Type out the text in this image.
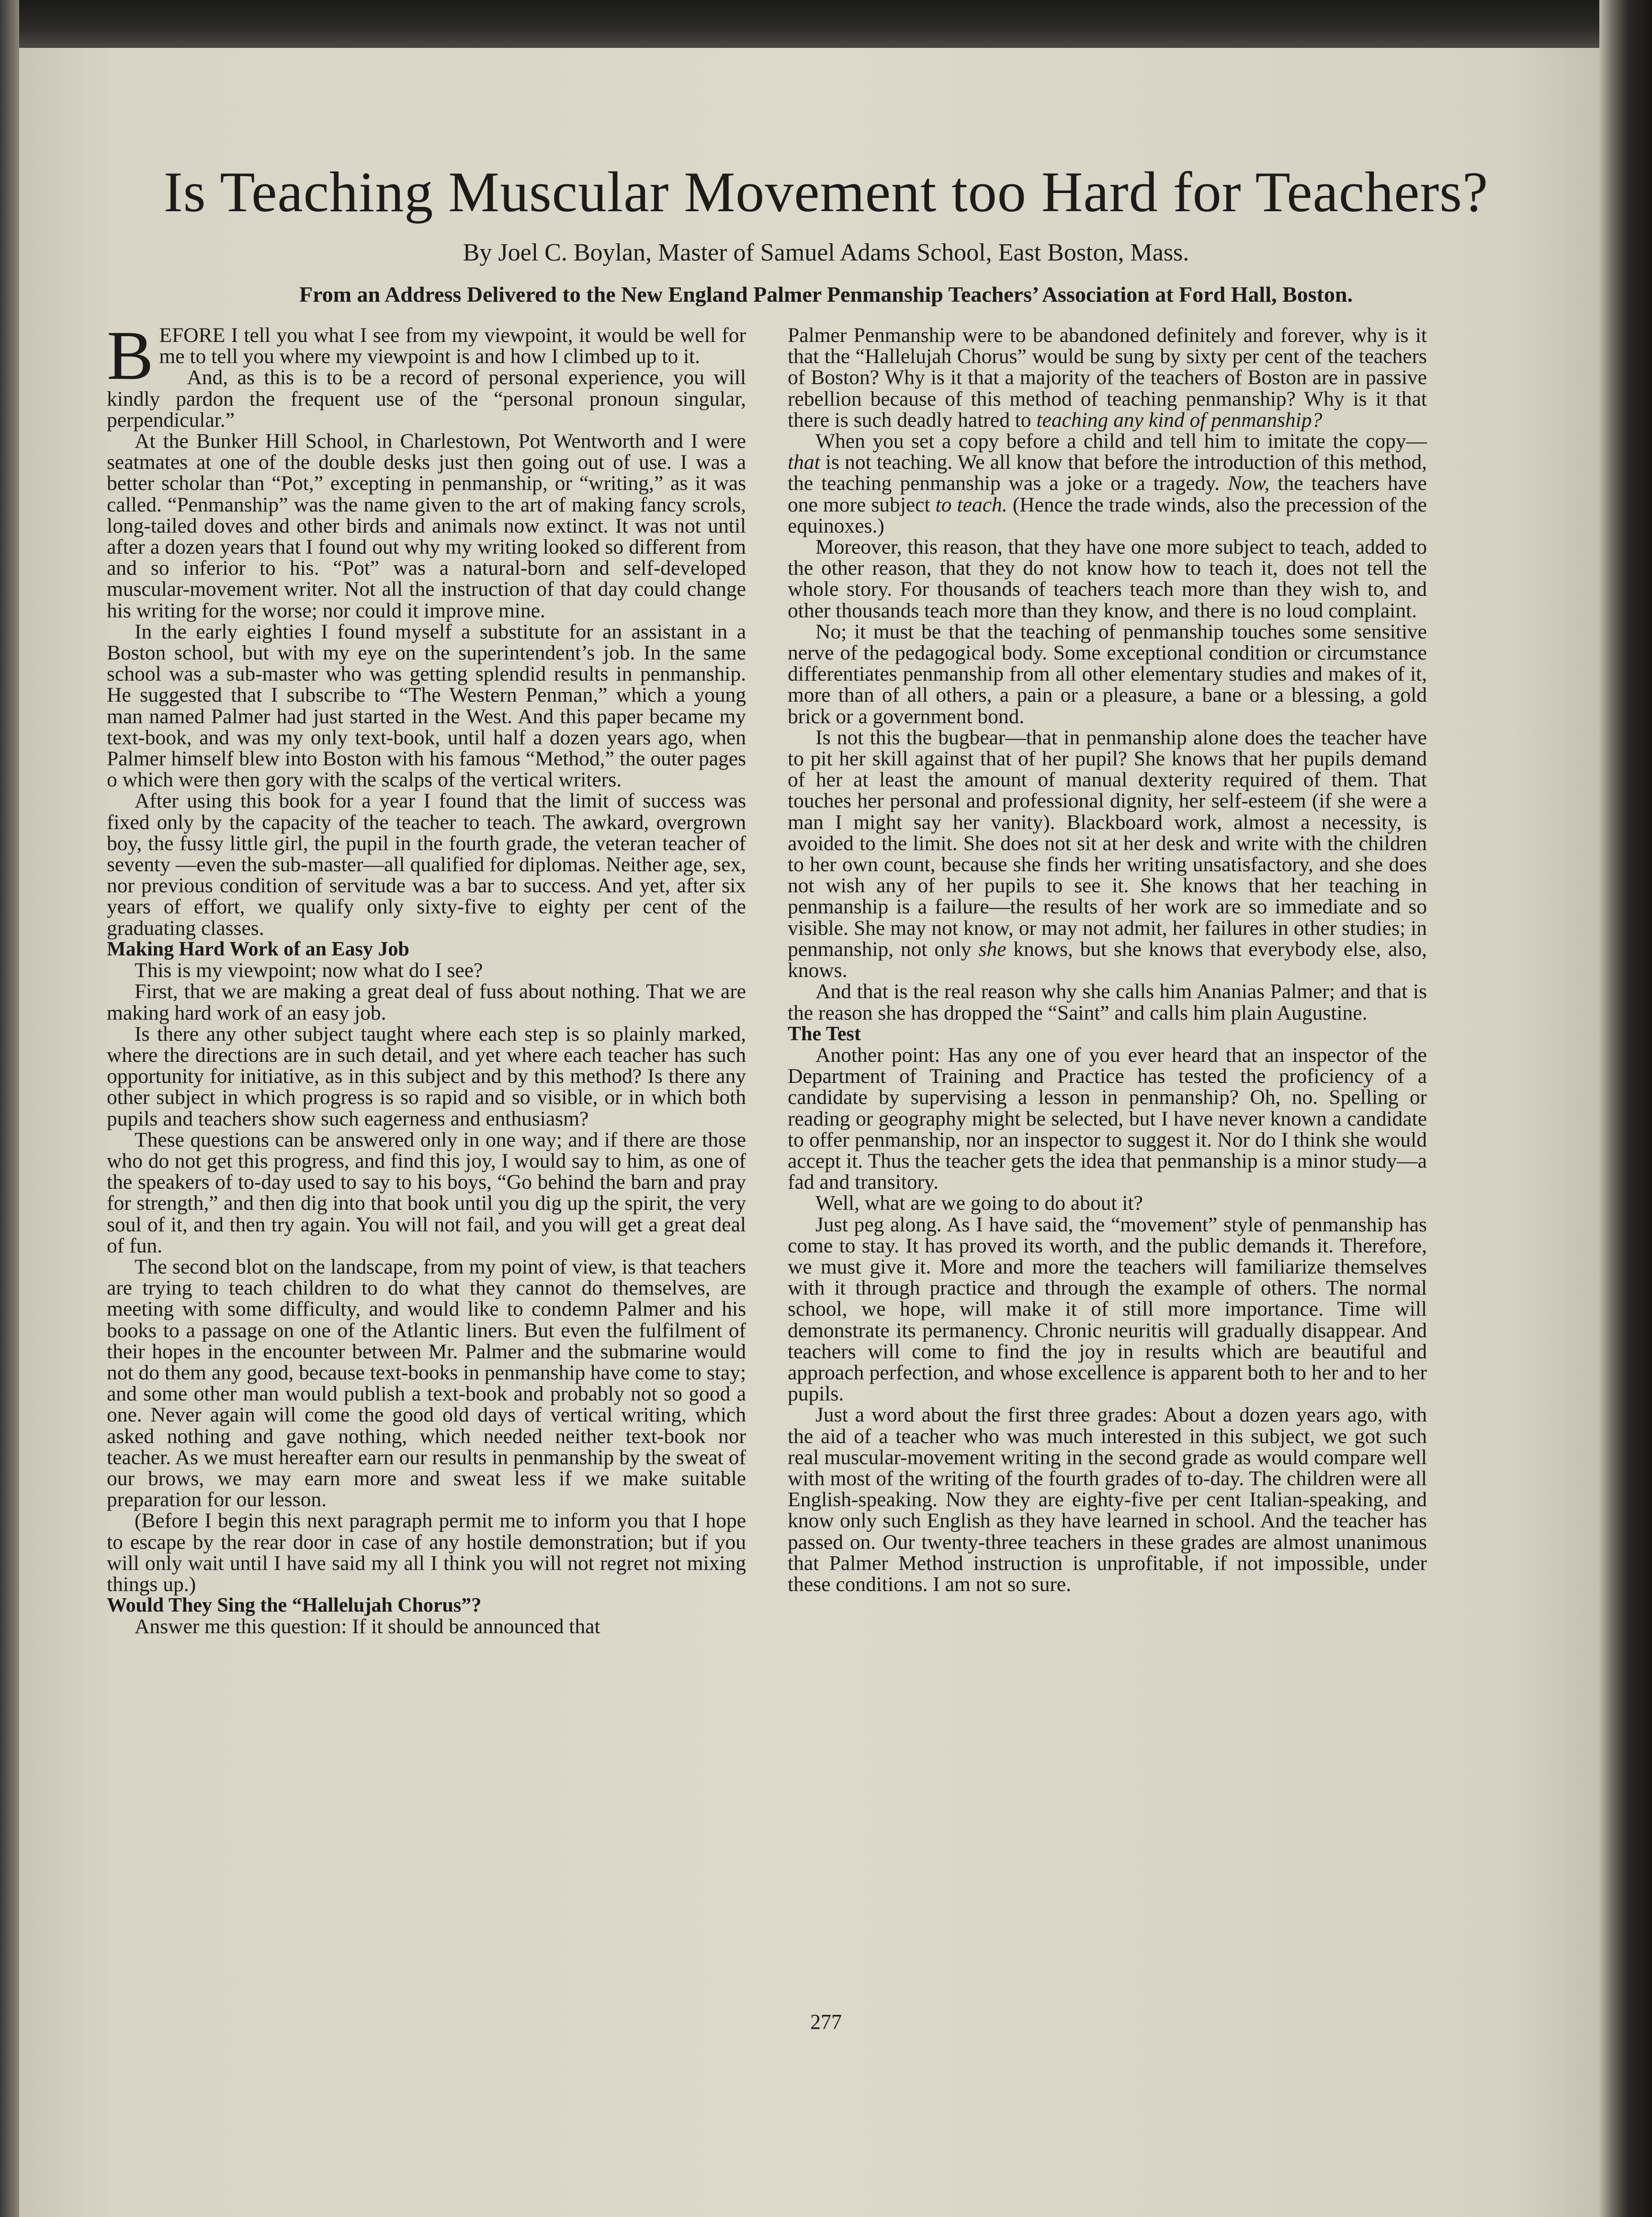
Is Teaching Muscular Movement too Hard for Teachers?
By Joel C. Boylan, Master of Samuel Adams School, East Boston, Mass.
From an Address Delivered to the New England Palmer Penmanship Teachers’ Association at Ford Hall, Boston.

BEFORE I tell you what I see from my viewpoint, it would be well for me to tell you where my viewpoint is and how I climbed up to it.

And, as this is to be a record of personal experience, you will kindly pardon the frequent use of the “personal pronoun singular, perpendicular.”

At the Bunker Hill School, in Charlestown, Pot Wentworth and I were seatmates at one of the double desks just then going out of use. I was a better scholar than “Pot,” excepting in penmanship, or “writing,” as it was called. “Penmanship” was the name given to the art of making fancy scrols, long-tailed doves and other birds and animals now extinct. It was not until after a dozen years that I found out why my writing looked so different from and so inferior to his. “Pot” was a natural-born and self-developed muscular-movement writer. Not all the instruction of that day could change his writing for the worse; nor could it improve mine.

In the early eighties I found myself a substitute for an assistant in a Boston school, but with my eye on the superintendent’s job. In the same school was a sub-master who was getting splendid results in penmanship. He suggested that I subscribe to “The Western Penman,” which a young man named Palmer had just started in the West. And this paper became my text-book, and was my only text-book, until half a dozen years ago, when Palmer himself blew into Boston with his famous “Method,” the outer pages o which were then gory with the scalps of the vertical writers.

After using this book for a year I found that the limit of success was fixed only by the capacity of the teacher to teach. The awkard, overgrown boy, the fussy little girl, the pupil in the fourth grade, the veteran teacher of seventy —even the sub-master—all qualified for diplomas. Neither age, sex, nor previous condition of servitude was a bar to success. And yet, after six years of effort, we qualify only sixty-five to eighty per cent of the graduating classes.

Making Hard Work of an Easy Job

This is my viewpoint; now what do I see?

First, that we are making a great deal of fuss about nothing. That we are making hard work of an easy job.

Is there any other subject taught where each step is so plainly marked, where the directions are in such detail, and yet where each teacher has such opportunity for initiative, as in this subject and by this method? Is there any other subject in which progress is so rapid and so visible, or in which both pupils and teachers show such eagerness and enthusiasm?

These questions can be answered only in one way; and if there are those who do not get this progress, and find this joy, I would say to him, as one of the speakers of to-day used to say to his boys, “Go behind the barn and pray for strength,” and then dig into that book until you dig up the spirit, the very soul of it, and then try again. You will not fail, and you will get a great deal of fun.

The second blot on the landscape, from my point of view, is that teachers are trying to teach children to do what they cannot do themselves, are meeting with some difficulty, and would like to condemn Palmer and his books to a passage on one of the Atlantic liners. But even the fulfilment of their hopes in the encounter between Mr. Palmer and the submarine would not do them any good, because text-books in penmanship have come to stay; and some other man would publish a text-book and probably not so good a one. Never again will come the good old days of vertical writing, which asked nothing and gave nothing, which needed neither text-book nor teacher. As we must hereafter earn our results in penmanship by the sweat of our brows, we may earn more and sweat less if we make suitable preparation for our lesson.

(Before I begin this next paragraph permit me to inform you that I hope to escape by the rear door in case of any hostile demonstration; but if you will only wait until I have said my all I think you will not regret not mixing things up.)

Would They Sing the “Hallelujah Chorus”?

Answer me this question: If it should be announced that

Palmer Penmanship were to be abandoned definitely and forever, why is it that the “Hallelujah Chorus” would be sung by sixty per cent of the teachers of Boston? Why is it that a majority of the teachers of Boston are in passive rebellion because of this method of teaching penmanship? Why is it that there is such deadly hatred to teaching any kind of penmanship?

When you set a copy before a child and tell him to imitate the copy—that is not teaching. We all know that before the introduction of this method, the teaching penmanship was a joke or a tragedy. Now, the teachers have one more subject to teach. (Hence the trade winds, also the precession of the equinoxes.)

Moreover, this reason, that they have one more subject to teach, added to the other reason, that they do not know how to teach it, does not tell the whole story. For thousands of teachers teach more than they wish to, and other thousands teach more than they know, and there is no loud complaint.

No; it must be that the teaching of penmanship touches some sensitive nerve of the pedagogical body. Some exceptional condition or circumstance differentiates penmanship from all other elementary studies and makes of it, more than of all others, a pain or a pleasure, a bane or a blessing, a gold brick or a government bond.

Is not this the bugbear—that in penmanship alone does the teacher have to pit her skill against that of her pupil? She knows that her pupils demand of her at least the amount of manual dexterity required of them. That touches her personal and professional dignity, her self-esteem (if she were a man I might say her vanity). Blackboard work, almost a necessity, is avoided to the limit. She does not sit at her desk and write with the children to her own count, because she finds her writing unsatisfactory, and she does not wish any of her pupils to see it. She knows that her teaching in penmanship is a failure—the results of her work are so immediate and so visible. She may not know, or may not admit, her failures in other studies; in penmanship, not only she knows, but she knows that everybody else, also, knows.

And that is the real reason why she calls him Ananias Palmer; and that is the reason she has dropped the “Saint” and calls him plain Augustine.

The Test

Another point: Has any one of you ever heard that an inspector of the Department of Training and Practice has tested the proficiency of a candidate by supervising a lesson in penmanship? Oh, no. Spelling or reading or geography might be selected, but I have never known a candidate to offer penmanship, nor an inspector to suggest it. Nor do I think she would accept it. Thus the teacher gets the idea that penmanship is a minor study—a fad and transitory.

Well, what are we going to do about it?

Just peg along. As I have said, the “movement” style of penmanship has come to stay. It has proved its worth, and the public demands it. Therefore, we must give it. More and more the teachers will familiarize themselves with it through practice and through the example of others. The normal school, we hope, will make it of still more importance. Time will demonstrate its permanency. Chronic neuritis will gradually disappear. And teachers will come to find the joy in results which are beautiful and approach perfection, and whose excellence is apparent both to her and to her pupils.

Just a word about the first three grades: About a dozen years ago, with the aid of a teacher who was much interested in this subject, we got such real muscular-movement writing in the second grade as would compare well with most of the writing of the fourth grades of to-day. The children were all English-speaking. Now they are eighty-five per cent Italian-speaking, and know only such English as they have learned in school. And the teacher has passed on. Our twenty-three teachers in these grades are almost unanimous that Palmer Method instruction is unprofitable, if not impossible, under these conditions. I am not so sure.

277
